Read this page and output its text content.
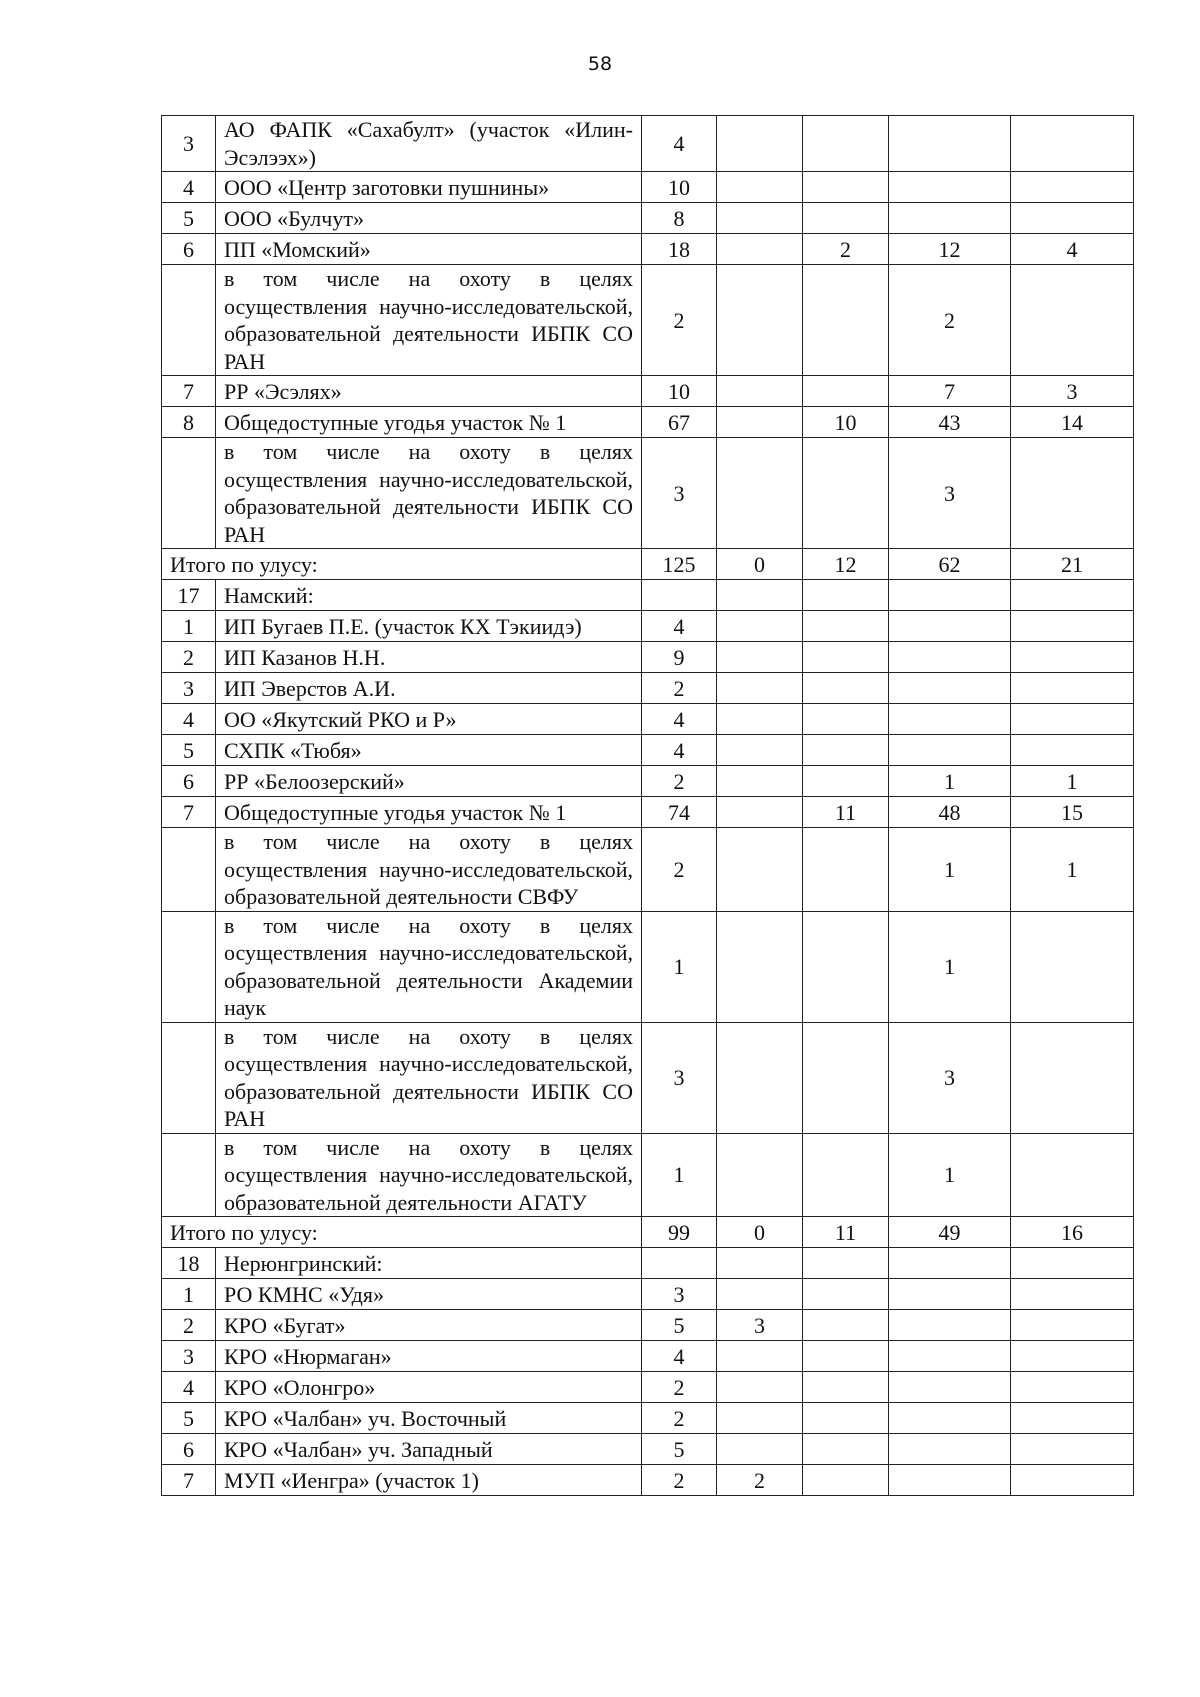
58
3	АО ФАПК «Сахабулт» (участок «Илин-Эсэлээх»)	4				
4	ООО «Центр заготовки пушнины»	10				
5	ООО «Булчут»	8				
6	ПП «Момский»	18		2	12	4
	в том числе на охоту в целях осуществления научно-исследовательской, образовательной деятельности ИБПК СО РАН	2			2	
7	РР «Эсэлях»	10			7	3
8	Общедоступные угодья участок № 1	67		10	43	14
	в том числе на охоту в целях осуществления научно-исследовательской, образовательной деятельности ИБПК СО РАН	3			3	
Итого по улусу:		125	0	12	62	21
17	Намский:					
1	ИП Бугаев П.Е. (участок КХ Тэкиидэ)	4				
2	ИП Казанов Н.Н.	9				
3	ИП Эверстов А.И.	2				
4	ОО «Якутский РКО и Р»	4				
5	СХПК «Тюбя»	4				
6	РР «Белоозерский»	2			1	1
7	Общедоступные угодья участок № 1	74		11	48	15
	в том числе на охоту в целях осуществления научно-исследовательской, образовательной деятельности СВФУ	2			1	1
	в том числе на охоту в целях осуществления научно-исследовательской, образовательной деятельности Академии наук	1			1	
	в том числе на охоту в целях осуществления научно-исследовательской, образовательной деятельности ИБПК СО РАН	3			3	
	в том числе на охоту в целях осуществления научно-исследовательской, образовательной деятельности АГАТУ	1			1	
Итого по улусу:		99	0	11	49	16
18	Нерюнгринский:					
1	РО КМНС «Удя»	3				
2	КРО «Бугат»	5	3			
3	КРО «Нюрмаган»	4				
4	КРО «Олонгро»	2				
5	КРО «Чалбан» уч. Восточный	2				
6	КРО «Чалбан» уч. Западный	5				
7	МУП «Иенгра» (участок 1)	2	2			
